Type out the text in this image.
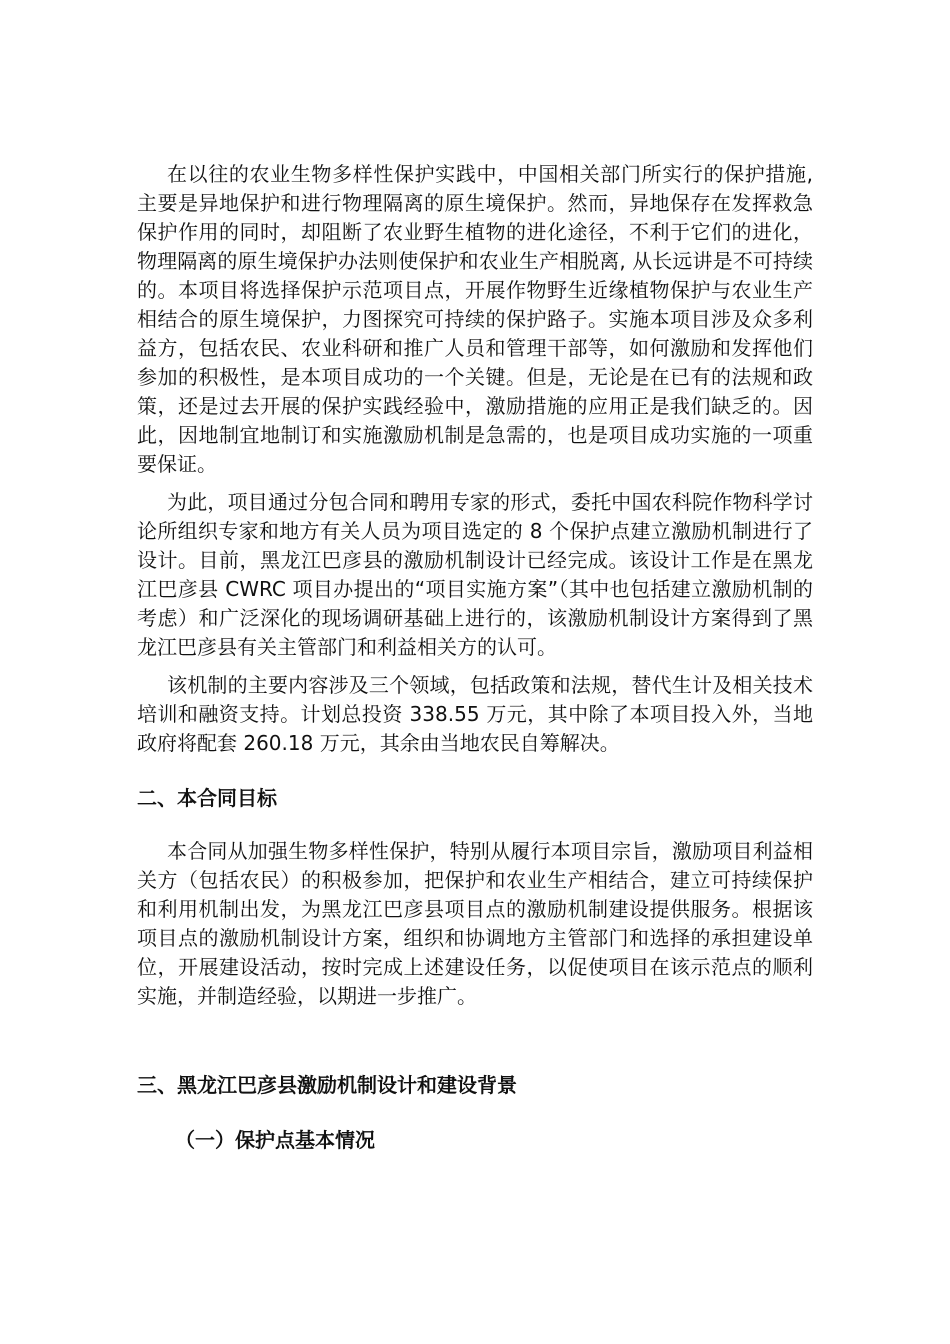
在以往的农业生物多样性保护实践中，中国相关部门所实行的保护措施,主要是异地保护和进行物理隔离的原生境保护。然而，异地保存在发挥救急保护作用的同时，却阻断了农业野生植物的进化途径，不利于它们的进化，物理隔离的原生境保护办法则使保护和农业生产相脱离, 从长远讲是不可持续的。本项目将选择保护示范项目点，开展作物野生近缘植物保护与农业生产相结合的原生境保护，力图探究可持续的保护路子。实施本项目涉及众多利益方，包括农民、农业科研和推广人员和管理干部等，如何激励和发挥他们参加的积极性，是本项目成功的一个关键。但是，无论是在已有的法规和政策，还是过去开展的保护实践经验中，激励措施的应用正是我们缺乏的。因此，因地制宜地制订和实施激励机制是急需的，也是项目成功实施的一项重要保证。

为此，项目通过分包合同和聘用专家的形式，委托中国农科院作物科学讨论所组织专家和地方有关人员为项目选定的 8 个保护点建立激励机制进行了设计。目前，黑龙江巴彦县的激励机制设计已经完成。该设计工作是在黑龙江巴彦县 CWRC 项目办提出的“项目实施方案”（其中也包括建立激励机制的考虑）和广泛深化的现场调研基础上进行的，该激励机制设计方案得到了黑龙江巴彦县有关主管部门和利益相关方的认可。

该机制的主要内容涉及三个领域，包括政策和法规，替代生计及相关技术培训和融资支持。计划总投资 338.55 万元，其中除了本项目投入外，当地政府将配套 260.18 万元，其余由当地农民自筹解决。

二、本合同目标

本合同从加强生物多样性保护，特别从履行本项目宗旨，激励项目利益相关方（包括农民）的积极参加，把保护和农业生产相结合，建立可持续保护和利用机制出发，为黑龙江巴彦县项目点的激励机制建设提供服务。根据该项目点的激励机制设计方案，组织和协调地方主管部门和选择的承担建设单位，开展建设活动，按时完成上述建设任务，以促使项目在该示范点的顺利实施，并制造经验，以期进一步推广。

三、黑龙江巴彦县激励机制设计和建设背景
（一）保护点基本情况
